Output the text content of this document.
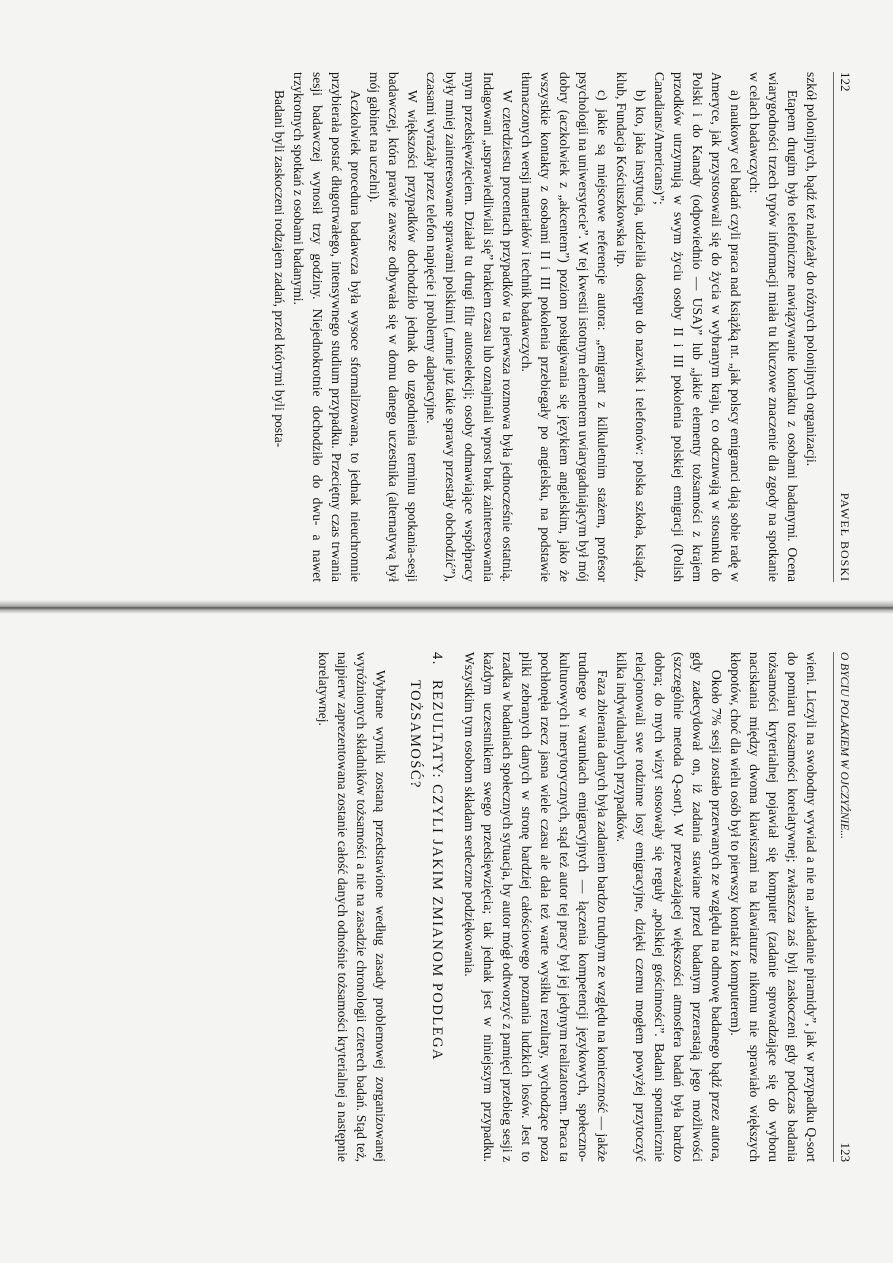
122
PAWEŁ BOSKI

szkół polonijnych, bądź też należały do różnych polonijnych organizacji.

Etapem drugim było telefoniczne nawiązywanie kontaktu z osobami badanymi. Ocena wiarygodności trzech typów informacji miała tu kluczowe znaczenie dla zgody na spotkanie w celach badawczych:

a) naukowy cel badań czyli praca nad książką nt. „jak polscy emigranci dają sobie radę w Ameryce, jak przystosowali się do życia w wybranym kraju, co odczuwają w stosunku do Polski i do Kanady (odpowiednio — USA)” lub „jakie elementy tożsamości z krajem przodków utrzymują w swym życiu osoby II i III pokolenia polskiej emigracji (Polish Canadians/Americans)”;

b) kto, jaka instytucja, udzieliła dostępu do nazwisk i telefonów: polska szkoła, ksiądz, klub, Fundacja Kościuszkowska itp.

c) jakie są miejscowe referencje autora: „emigrant z kilkuletnim stażem, profesor psychologii na uniwersytecie”. W tej kwestii istotnym elementem uwiarygadniającym był mój dobry (aczkolwiek z „akcentem”) poziom posługiwania się językiem angielskim, jako że wszystkie kontakty z osobami II i III pokolenia przebiegały po angielsku, na podstawie tłumaczonych wersji materiałów i technik badawczych.

W czterdziestu procentach przypadków ta pierwsza rozmowa była jednocześnie ostatnią. Indagowani „usprawiedliwiali się” brakiem czasu lub oznajmiali wprost brak zainteresowania mym przedsięwzięciem. Działał tu drugi filtr autoselekcji; osoby odmawiające współpracy były mniej zainteresowane sprawami polskimi („mnie już takie sprawy przestały obchodzić”), czasami wyrażały przez telefon napięcie i problemy adaptacyjne.

W większości przypadków dochodziło jednak do uzgodnienia terminu spotkania-sesji badawczej, która prawie zawsze odbywała się w domu danego uczestnika (alternatywą był mój gabinet na uczelni).

Aczkolwiek procedura badawcza była wysoce sformalizowana, to jednak nieuchronnie przybierała postać długotrwałego, intensywnego studium przypadku. Przeciętny czas trwania sesji badawczej wynosił trzy godziny. Niejednokrotnie dochodziło do dwu- a nawet trzykrotnych spotkań z osobami badanymi.

Badani byli zaskoczeni rodzajem zadań, przed którymi byli posta-

O BYCIU POLAKIEM W OJCZYŹNIE...
123

wieni. Liczyli na swobodny wywiad a nie na „układanie piramidy”, jak w przypadku Q-sort do pomiaru tożsamości korelatywnej; zwłaszcza zaś byli zaskoczeni gdy podczas badania tożsamości kryterialnej pojawiał się komputer (zadanie sprowadzające się do wyboru naciskania między dwoma klawiszami na klawiaturze nikomu nie sprawiało większych kłopotów, choć dla wielu osób był to pierwszy kontakt z komputerem).

Około 7% sesji zostało przerwanych ze względu na odmowę badanego bądź przez autora, gdy zadecydował on, iż zadania stawiane przed badanym przerastają jego możliwości (szczególnie metoda Q-sort). W przeważającej większości atmosfera badań była bardzo dobra; do mych wizyt stosowały się reguły „polskiej gościnności”. Badani spontanicznie relacjonowali swe rodzinne losy emigracyjne, dzięki czemu mogłem powyżej przytoczyć kilka indywidualnych przypadków.

Faza zbierania danych była zadaniem bardzo trudnym ze względu na konieczność — jakże trudnego w warunkach emigracyjnych — łączenia kompetencji językowych, społeczno-kulturowych i merytorycznych, stąd też autor tej pracy był jej jedynym realizatorem. Praca ta pochłonęła rzecz jasna wiele czasu ale dała też warte wysiłku rezultaty, wychodzące poza pliki zebranych danych w stronę bardziej całościowego poznania ludzkich losów. Jest to rzadka w badaniach społecznych sytuacja, by autor mógł odtworzyć z pamięci przebieg sesji z każdym uczestnikiem swego przedsięwzięcia; tak jednak jest w niniejszym przypadku. Wszystkim tym osobom składam serdeczne podziękowania.

4.
REZULTATY: CZYLI JAKIM ZMIANOM PODLEGA
TOŻSAMOŚĆ?

Wybrane wyniki zostaną przedstawione według zasady problemowej zorganizowanej wyróżnionych składników tożsamości a nie na zasadzie chronologii czterech badań. Stąd też, najpierw zaprezentowana zostanie całość danych odnośnie tożsamości kryterialnej a następnie korelatywnej.
